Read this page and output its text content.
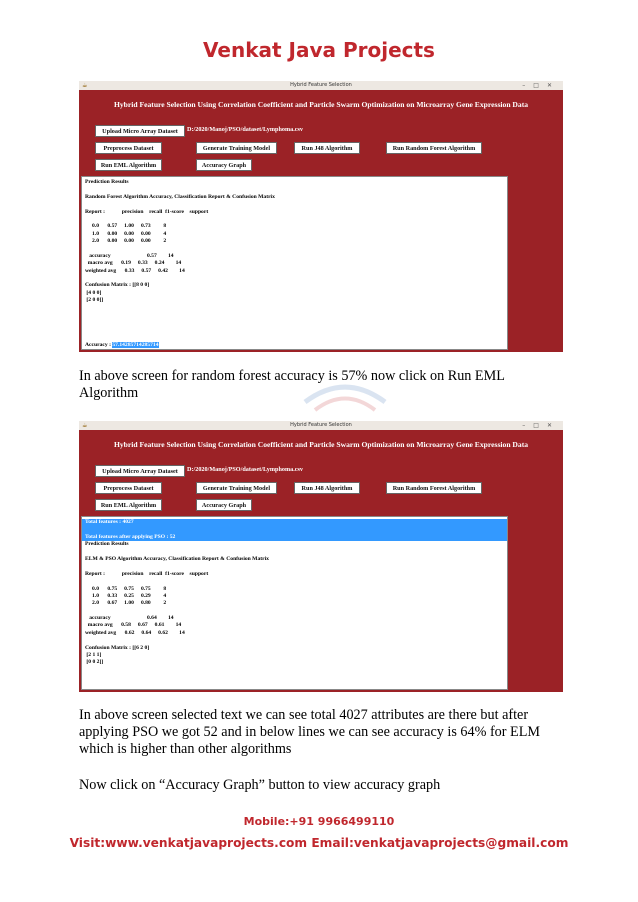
Venkat Java Projects
☕	Hybrid Feature Selection	–□✕
Hybrid Feature Selection Using Correlation Coefficient and Particle Swarm Optimization on Microarray Gene Expression Data
Upload Micro Array Dataset	D:/2020/Manoj/PSO/dataset/Lymphoma.csv
Preprocess Dataset	Generate Training Model	Run J48 Algorithm	Run Random Forest Algorithm
Run EML Algorithm	Accuracy Graph
Prediction Results
Random Forest Algorithm Accuracy, Classification Report & Confusion Matrix
Report :            precision    recall  f1-score    support
0.0      0.57     1.00     0.73         8
1.0      0.00     0.00     0.00         4
2.0      0.00     0.00     0.00         2
accuracy                          0.57        14
macro avg      0.19     0.33     0.24        14
weighted avg      0.33     0.57     0.42        14
Confusion Matrix : [[8 0 0]
[4 0 0]
[2 0 0]]
Accuracy : 57.14285714285714
In above screen for random forest accuracy is 57% now click on Run EML Algorithm
☕	Hybrid Feature Selection	–□✕
Hybrid Feature Selection Using Correlation Coefficient and Particle Swarm Optimization on Microarray Gene Expression Data
Upload Micro Array Dataset	D:/2020/Manoj/PSO/dataset/Lymphoma.csv
Preprocess Dataset	Generate Training Model	Run J48 Algorithm	Run Random Forest Algorithm
Run EML Algorithm	Accuracy Graph
Total features : 4027
Total features after applying PSO : 52
Prediction Results
ELM & PSO Algorithm Accuracy, Classification Report & Confusion Matrix
Report :            precision    recall  f1-score    support
0.0      0.75     0.75     0.75         8
1.0      0.33     0.25     0.29         4
2.0      0.67     1.00     0.80         2
accuracy                          0.64        14
macro avg      0.58     0.67     0.61        14
weighted avg      0.62     0.64     0.62        14
Confusion Matrix : [[6 2 0]
[2 1 1]
[0 0 2]]
In above screen selected text we can see total 4027 attributes are there but after applying PSO we got 52 and in below lines we can see accuracy is 64% for ELM which is higher than other algorithms
Now click on “Accuracy Graph” button to view accuracy graph
Mobile:+91 9966499110
Visit:www.venkatjavaprojects.com Email:venkatjavaprojects@gmail.com
